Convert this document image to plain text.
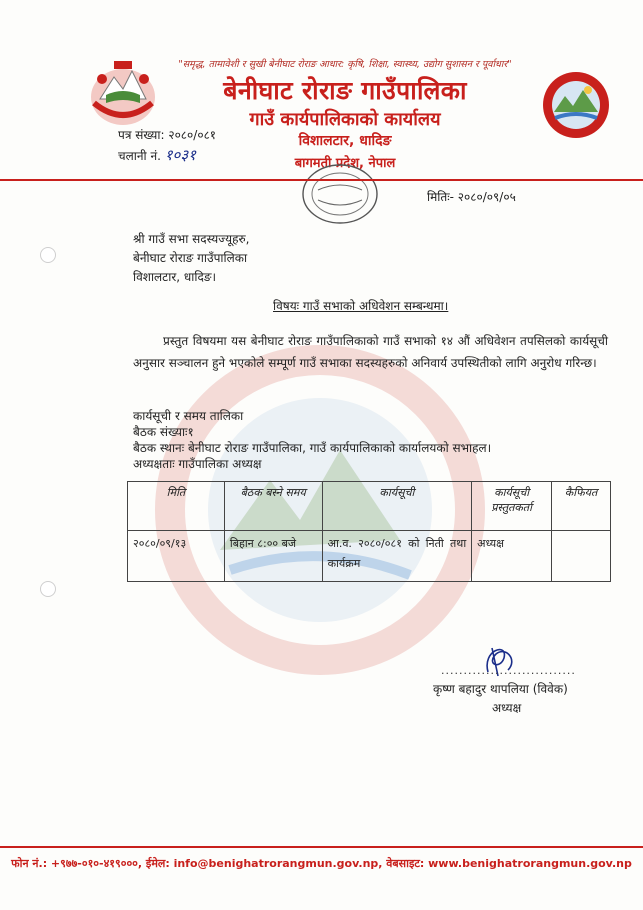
"समृद्ध, तामावेशी र सुखी बेनीघाट रोराङ आधार: कृषि, शिक्षा, स्वास्थ्य, उद्योग सुशासन र पूर्वाधार"
बेनीघाट रोराङ गाउँपालिका
गाउँ कार्यपालिकाको कार्यालय
विशालटार, धादिङ
बागमती प्रदेश, नेपाल
पत्र संख्या: २०८०/०८१
चलानी नं. १०३१
मितिः- २०८०/०९/०५
श्री गाउँ सभा सदस्यज्यूहरु,
बेनीघाट रोराङ गाउँपालिका
विशालटार, धादिङ।
विषयः गाउँ सभाको अधिवेशन सम्बन्धमा।
प्रस्तुत विषयमा यस बेनीघाट रोराङ गाउँपालिकाको गाउँ सभाको १४ औं अधिवेशन तपसिलको कार्यसूची अनुसार सञ्चालन हुने भएकोले सम्पूर्ण गाउँ सभाका सदस्यहरुको अनिवार्य उपस्थितीको लागि अनुरोध गरिन्छ।
कार्यसूची र समय तालिका
बैठक संख्याः१
बैठक स्थानः बेनीघाट रोराङ गाउँपालिका, गाउँ कार्यपालिकाको कार्यालयको सभाहल।
अध्यक्षताः गाउँपालिका अध्यक्ष
मिति	बैठक बस्ने समय	कार्यसूची	कार्यसूची प्रस्तुतकर्ता	कैफियत
२०८०/०९/१३	बिहान ८:०० बजे	आ.व. २०८०/०८१ को निती तथा कार्यक्रम	अध्यक्ष	
..............................
कृष्ण बहादुर थापलिया (विवेक)
अध्यक्ष
फोन नं.: +९७७-०१०-४१९०००, ईमेल: info@benighatrorangmun.gov.np, वेबसाइट: www.benighatrorangmun.gov.np
